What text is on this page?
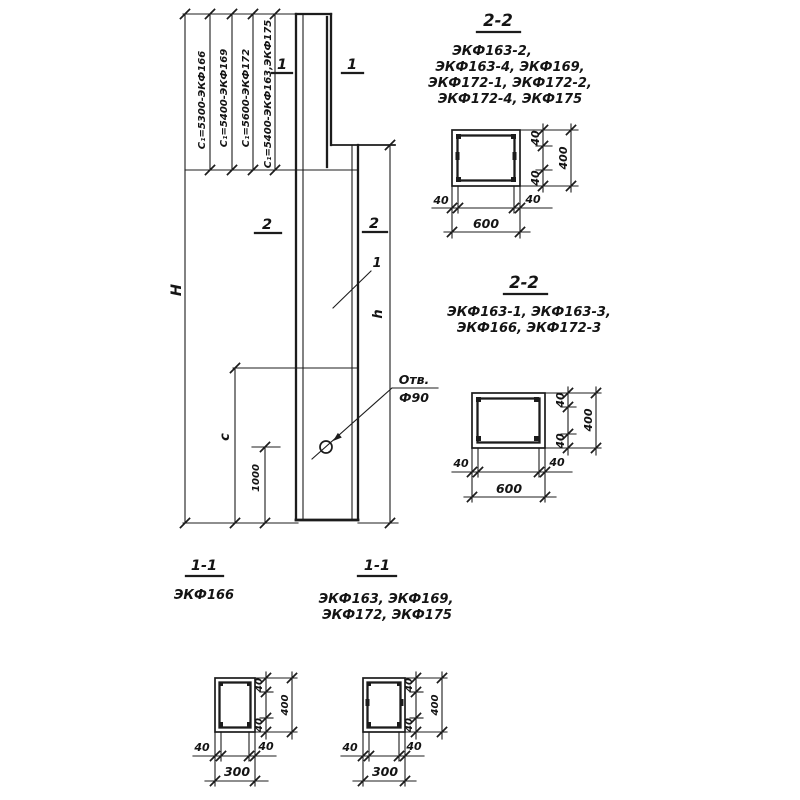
С₁=5300-ЭКФ166 С₁=5400-ЭКФ169 С₁=5600-ЭКФ172 С₁=5400-ЭКФ163,ЭКФ175
H
h
c
1000
1	1
2	2
1
Отв.
Ф90
2-2
ЭКФ163-2,
ЭКФ163-4, ЭКФ169,
ЭКФ172-1, ЭКФ172-2,
ЭКФ172-4, ЭКФ175
40
40
400
40	40
600
2-2
ЭКФ163-1, ЭКФ163-3,
ЭКФ166, ЭКФ172-3
40
40
400
40	40
600
1-1
ЭКФ166
40
40
400
40	40
300
1-1
ЭКФ163, ЭКФ169,
ЭКФ172, ЭКФ175
40
40
400
40	40
300
